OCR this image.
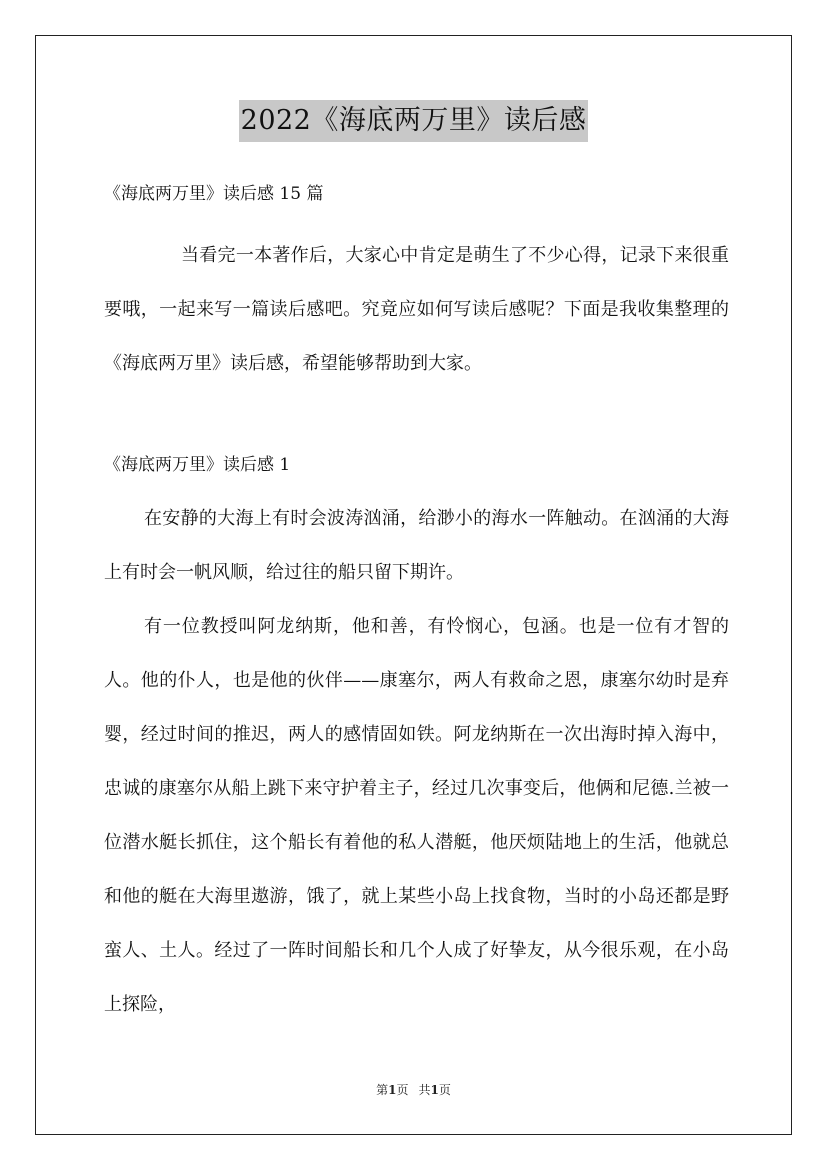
2022《海底两万里》读后感
《海底两万里》读后感 15 篇

当看完一本著作后，大家心中肯定是萌生了不少心得，记录下来很重要哦，一起来写一篇读后感吧。究竟应如何写读后感呢？下面是我收集整理的《海底两万里》读后感，希望能够帮助到大家。

《海底两万里》读后感 1

在安静的大海上有时会波涛汹涌，给渺小的海水一阵触动。在汹涌的大海上有时会一帆风顺，给过往的船只留下期许。

有一位教授叫阿龙纳斯，他和善，有怜悯心，包涵。也是一位有才智的人。他的仆人，也是他的伙伴——康塞尔，两人有救命之恩，康塞尔幼时是弃婴，经过时间的推迟，两人的感情固如铁。阿龙纳斯在一次出海时掉入海中，忠诚的康塞尔从船上跳下来守护着主子，经过几次事变后，他俩和尼德.兰被一位潜水艇长抓住，这个船长有着他的私人潜艇，他厌烦陆地上的生活，他就总和他的艇在大海里遨游，饿了，就上某些小岛上找食物，当时的小岛还都是野蛮人、土人。经过了一阵时间船长和几个人成了好挚友，从今很乐观，在小岛上探险，

第1页 共1页
